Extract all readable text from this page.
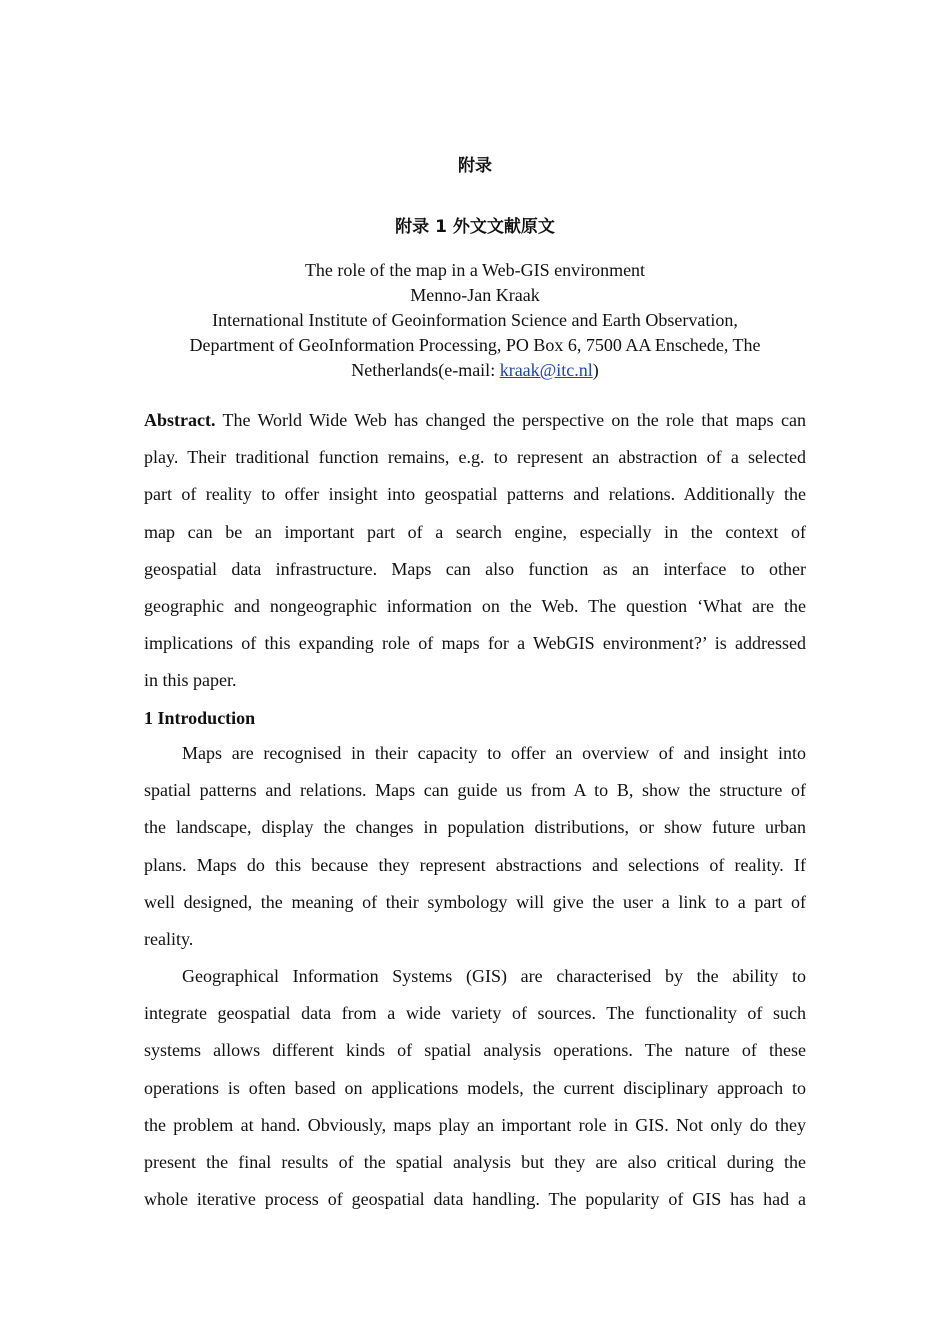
附录
附录 1 外文文献原文
The role of the map in a Web-GIS environment
Menno-Jan Kraak
International Institute of Geoinformation Science and Earth Observation,
Department of GeoInformation Processing, PO Box 6, 7500 AA Enschede, The
Netherlands(e-mail: kraak@itc.nl)
Abstract. The World Wide Web has changed the perspective on the role that maps can
play. Their traditional function remains, e.g. to represent an abstraction of a selected
part of reality to offer insight into geospatial patterns and relations. Additionally the
map can be an important part of a search engine, especially in the context of
geospatial data infrastructure. Maps can also function as an interface to other
geographic and nongeographic information on the Web. The question ‘What are the
implications of this expanding role of maps for a WebGIS environment?’ is addressed
in this paper.
1 Introduction
Maps are recognised in their capacity to offer an overview of and insight into
spatial patterns and relations. Maps can guide us from A to B, show the structure of
the landscape, display the changes in population distributions, or show future urban
plans. Maps do this because they represent abstractions and selections of reality. If
well designed, the meaning of their symbology will give the user a link to a part of
reality.
Geographical Information Systems (GIS) are characterised by the ability to
integrate geospatial data from a wide variety of sources. The functionality of such
systems allows different kinds of spatial analysis operations. The nature of these
operations is often based on applications models, the current disciplinary approach to
the problem at hand. Obviously, maps play an important role in GIS. Not only do they
present the final results of the spatial analysis but they are also critical during the
whole iterative process of geospatial data handling. The popularity of GIS has had a
